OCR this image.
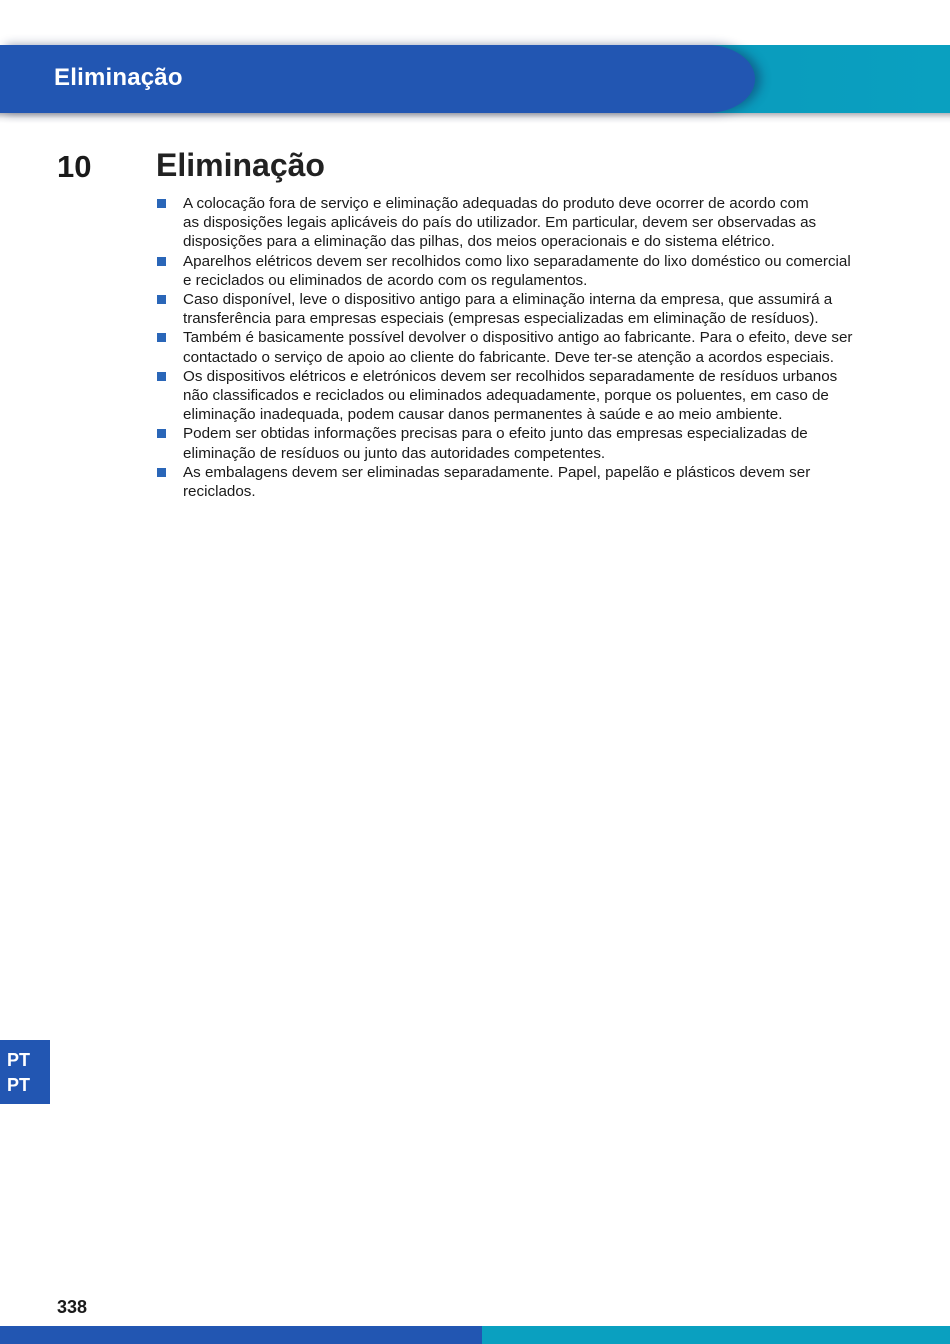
Eliminação
10 Eliminação
A colocação fora de serviço e eliminação adequadas do produto deve ocorrer de acordo com
as disposições legais aplicáveis do país do utilizador. Em particular, devem ser observadas as
disposições para a eliminação das pilhas, dos meios operacionais e do sistema elétrico.
Aparelhos elétricos devem ser recolhidos como lixo separadamente do lixo doméstico ou comercial
e reciclados ou eliminados de acordo com os regulamentos.
Caso disponível, leve o dispositivo antigo para a eliminação interna da empresa, que assumirá a
transferência para empresas especiais (empresas especializadas em eliminação de resíduos).
Também é basicamente possível devolver o dispositivo antigo ao fabricante. Para o efeito, deve ser
contactado o serviço de apoio ao cliente do fabricante. Deve ter-se atenção a acordos especiais.
Os dispositivos elétricos e eletrónicos devem ser recolhidos separadamente de resíduos urbanos
não classificados e reciclados ou eliminados adequadamente, porque os poluentes, em caso de
eliminação inadequada, podem causar danos permanentes à saúde e ao meio ambiente.
Podem ser obtidas informações precisas para o efeito junto das empresas especializadas de
eliminação de resíduos ou junto das autoridades competentes.
As embalagens devem ser eliminadas separadamente. Papel, papelão e plásticos devem ser
reciclados.
PT
PT
338
